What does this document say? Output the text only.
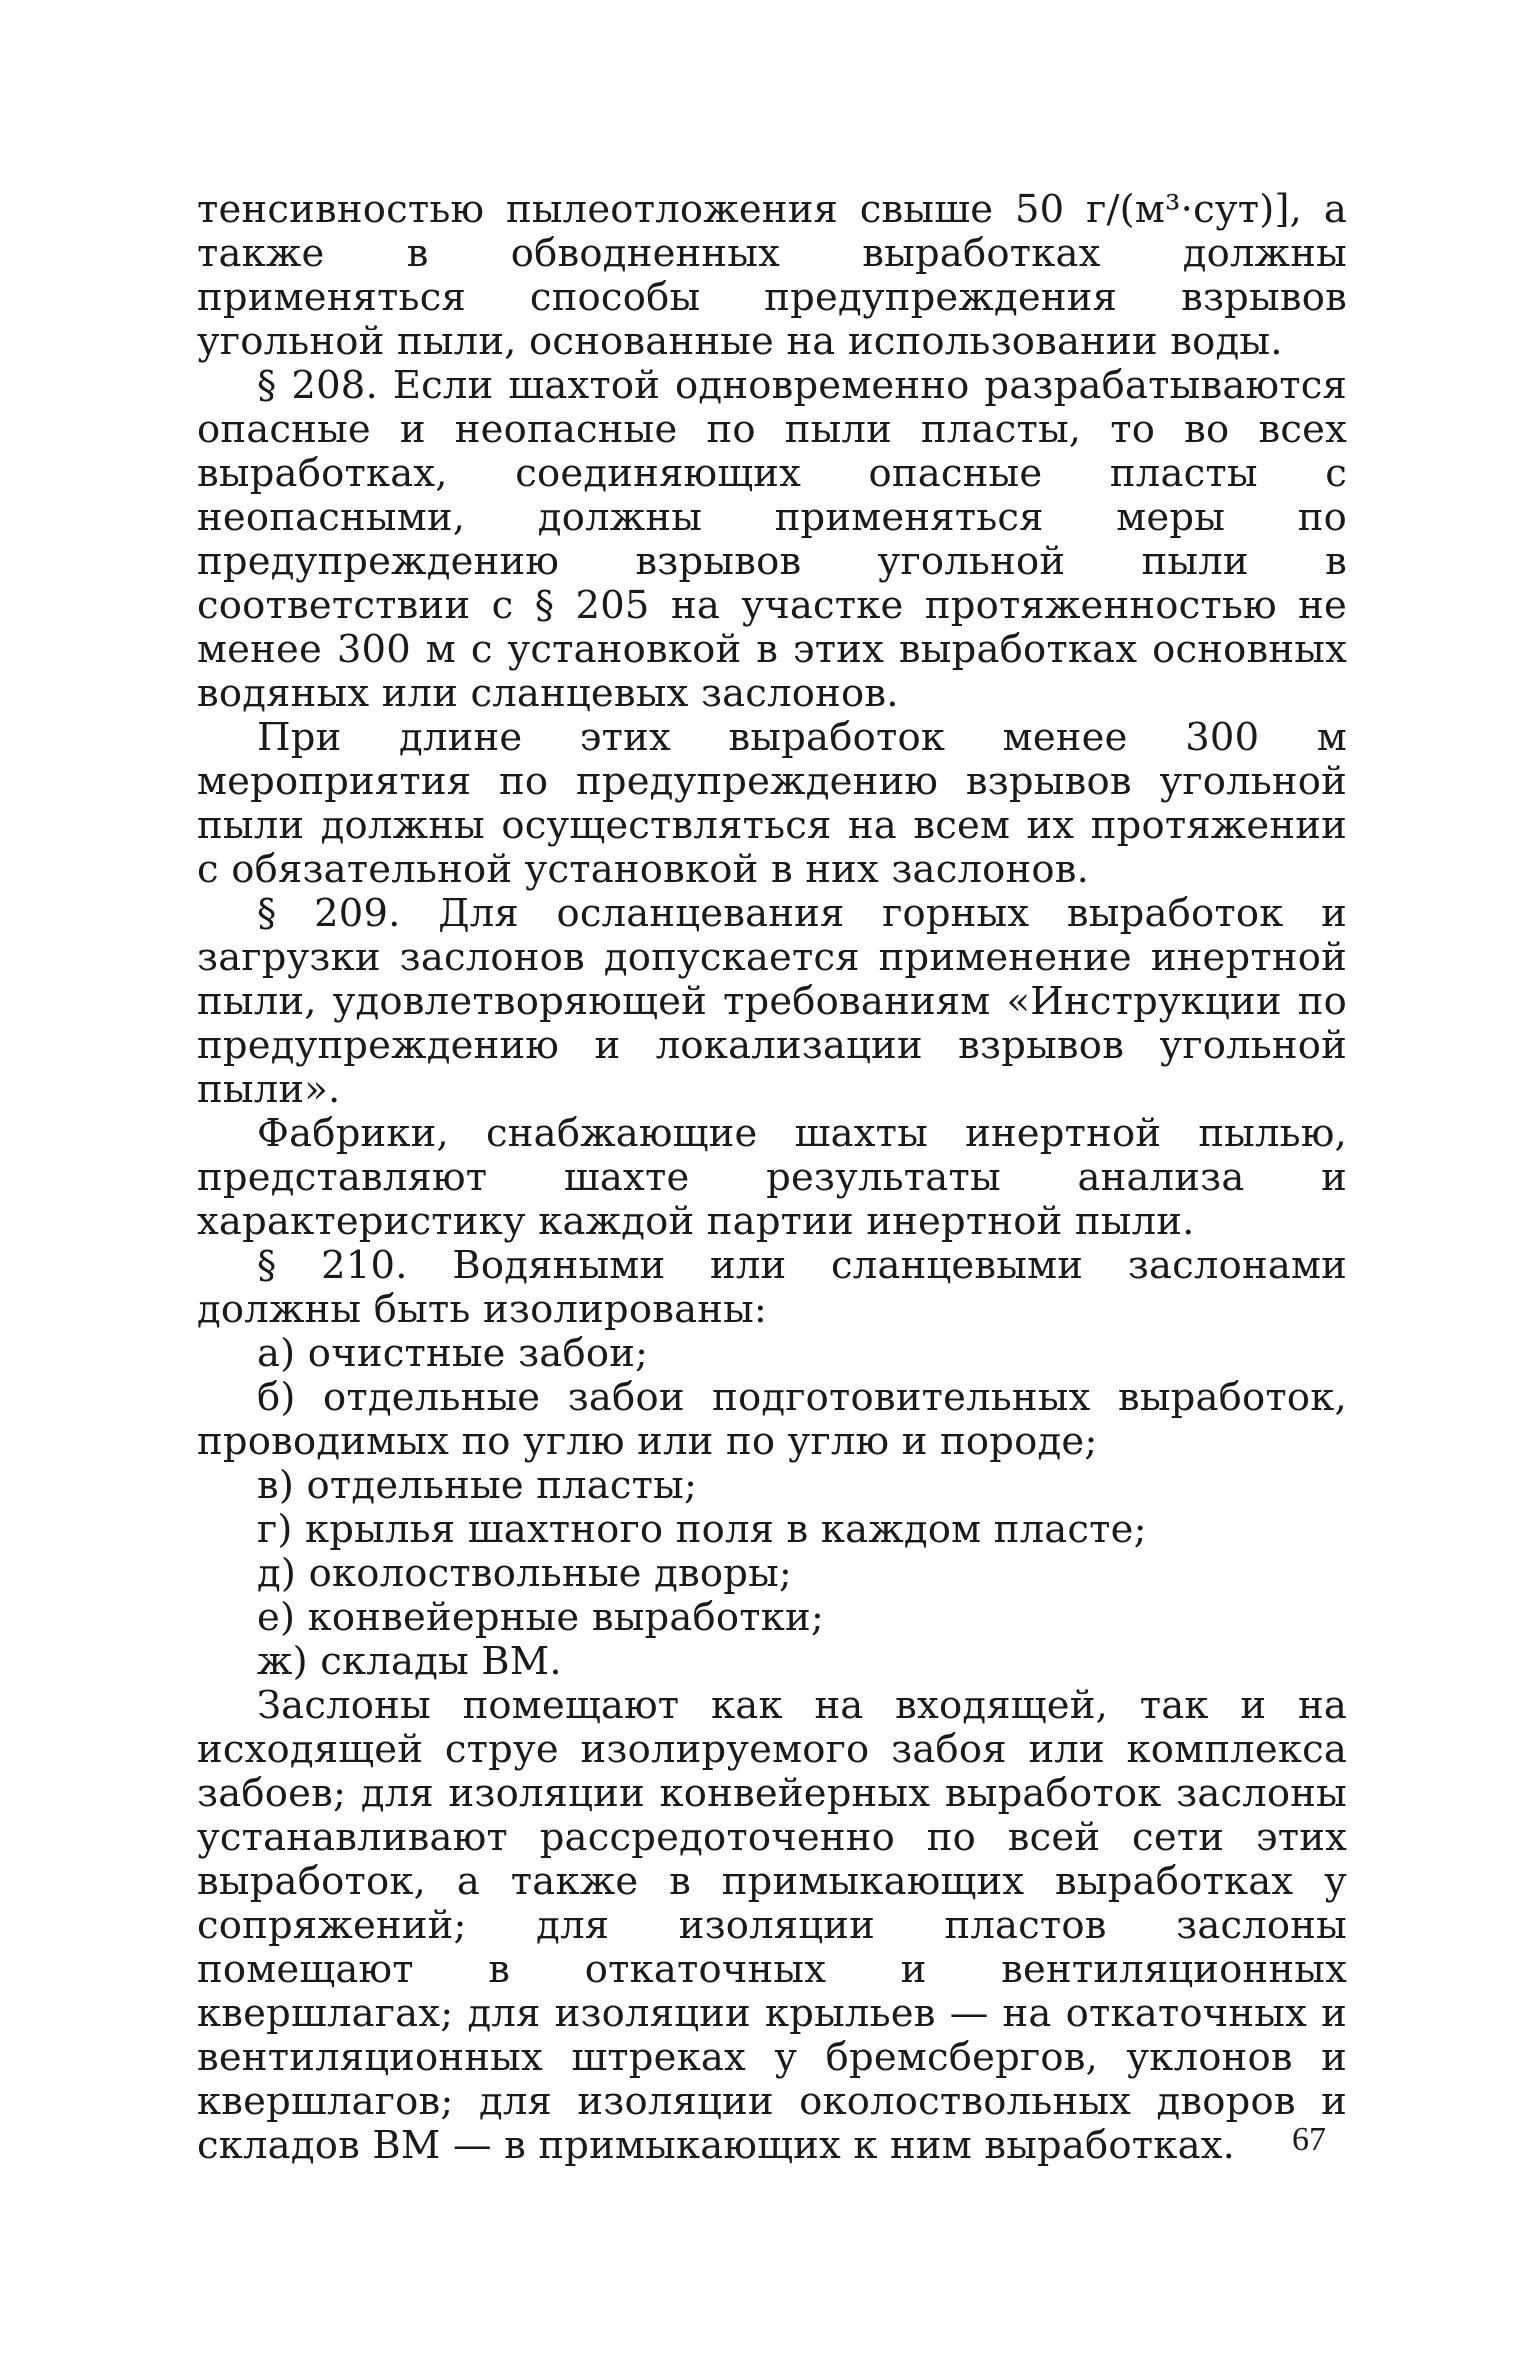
тенсивностью пылеотложения свыше 50 г/(м³·сут)], а также в обводненных выработках должны применяться способы предупреждения взрывов угольной пыли, основанные на использовании воды.

§ 208. Если шахтой одновременно разрабатываются опасные и неопасные по пыли пласты, то во всех выработках, соединяющих опасные пласты с неопасными, должны применяться меры по предупреждению взрывов угольной пыли в соответствии с § 205 на участке протяженностью не менее 300 м с установкой в этих выработках основных водяных или сланцевых заслонов.

При длине этих выработок менее 300 м мероприятия по предупреждению взрывов угольной пыли должны осуществляться на всем их протяжении с обязательной установкой в них заслонов.

§ 209. Для осланцевания горных выработок и загрузки заслонов допускается применение инертной пыли, удовлетворяющей требованиям «Инструкции по предупреждению и локализации взрывов угольной пыли».

Фабрики, снабжающие шахты инертной пылью, представляют шахте результаты анализа и характеристику каждой партии инертной пыли.

§ 210. Водяными или сланцевыми заслонами должны быть изолированы:

а) очистные забои;

б) отдельные забои подготовительных выработок, проводимых по углю или по углю и породе;

в) отдельные пласты;

г) крылья шахтного поля в каждом пласте;

д) околоствольные дворы;

е) конвейерные выработки;

ж) склады ВМ.

Заслоны помещают как на входящей, так и на исходящей струе изолируемого забоя или комплекса забоев; для изоляции конвейерных выработок заслоны устанавливают рассредоточенно по всей сети этих выработок, а также в примыкающих выработках у сопряжений; для изоляции пластов заслоны помещают в откаточных и вентиляционных квершлагах; для изоляции крыльев — на откаточных и вентиляционных штреках у бремсбергов, уклонов и квершлагов; для изоляции околоствольных дворов и складов ВМ — в примыкающих к ним выработках.	67
